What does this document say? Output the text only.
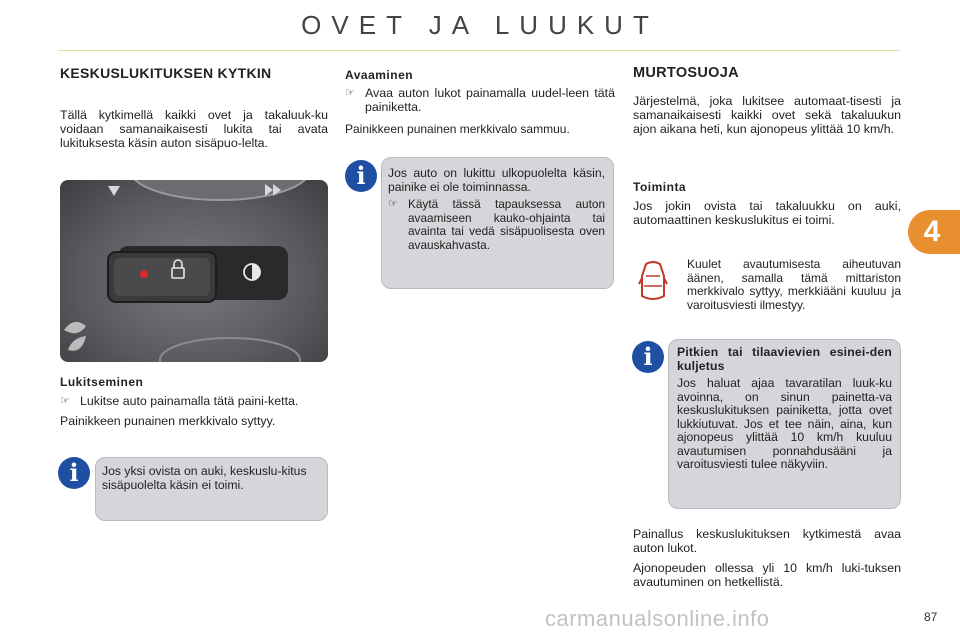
OVET JA LUUKUT
4

KESKUSLUKITUKSEN KYTKIN

Tällä kytkimellä kaikki ovet ja takaluuk-ku voidaan samanaikaisesti lukita tai avata lukituksesta käsin auton sisäpuo-lelta.

Lukitseminen

☞ Lukitse auto painamalla tätä paini-ketta.

Painikkeen punainen merkkivalo syttyy.

Jos yksi ovista on auki, keskuslu-kitus sisäpuolelta käsin ei toimi.
i

Avaaminen

☞ Avaa auton lukot painamalla uudel-leen tätä painiketta.

Painikkeen punainen merkkivalo sammuu.

Jos auto on lukittu ulkopuolelta käsin, painike ei ole toiminnassa.

☞ Käytä tässä tapauksessa auton avaamiseen kauko-ohjainta tai avainta tai vedä sisäpuolisesta oven avauskahvasta.
i

MURTOSUOJA

Järjestelmä, joka lukitsee automaat-tisesti ja samanaikaisesti kaikki ovet sekä takaluukun ajon aikana heti, kun ajonopeus ylittää 10 km/h.

Toiminta

Jos jokin ovista tai takaluukku on auki, automaattinen keskuslukitus ei toimi.

Kuulet avautumisesta aiheutuvan äänen, samalla tämä mittariston merkkivalo syttyy, merkkiääni kuuluu ja varoitusviesti ilmestyy.

Pitkien tai tilaavievien esinei-den kuljetus

Jos haluat ajaa tavaratilan luuk-ku avoinna, on sinun painetta-va keskuslukituksen painiketta, jotta ovet lukkiutuvat. Jos et tee näin, aina, kun ajonopeus ylittää 10 km/h kuuluu avautumisen ponnahdusääni ja varoitusviesti tulee näkyviin.

i

Painallus keskuslukituksen kytkimestä avaa auton lukot.

Ajonopeuden ollessa yli 10 km/h luki-tuksen avautuminen on hetkellistä.

carmanualsonline.info	87
